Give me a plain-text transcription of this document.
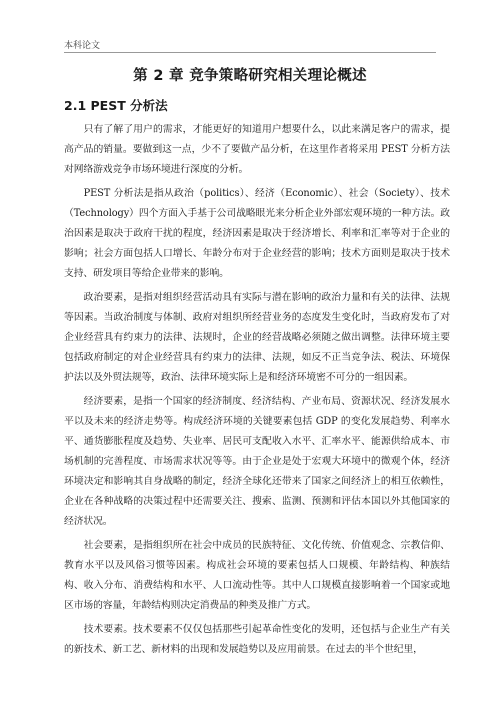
本科论文
第 2 章 竞争策略研究相关理论概述
2.1 PEST 分析法

只有了解了用户的需求，才能更好的知道用户想要什么，以此来满足客户的需求，提高产品的销量。要做到这一点，少不了要做产品分析，在这里作者将采用 PEST 分析方法对网络游戏竞争市场环境进行深度的分析。

PEST 分析法是指从政治（politics）、经济（Economic）、社会（Society）、技术（Technology）四个方面入手基于公司战略眼光来分析企业外部宏观环境的一种方法。政治因素是取决于政府干扰的程度，经济因素是取决于经济增长、利率和汇率等对于企业的影响；社会方面包括人口增长、年龄分布对于企业经营的影响；技术方面则是取决于技术支持、研发项目等给企业带来的影响。

政治要素，是指对组织经营活动具有实际与潜在影响的政治力量和有关的法律、法规等因素。当政治制度与体制、政府对组织所经营业务的态度发生变化时，当政府发布了对企业经营具有约束力的法律、法规时，企业的经营战略必须随之做出调整。法律环境主要包括政府制定的对企业经营具有约束力的法律、法规，如反不正当竞争法、税法、环境保护法以及外贸法规等，政治、法律环境实际上是和经济环境密不可分的一组因素。

经济要素，是指一个国家的经济制度、经济结构、产业布局、资源状况、经济发展水平以及未来的经济走势等。构成经济环境的关键要素包括 GDP 的变化发展趋势、利率水平、通货膨胀程度及趋势、失业率、居民可支配收入水平、汇率水平、能源供给成本、市场机制的完善程度、市场需求状况等等。由于企业是处于宏观大环境中的微观个体，经济环境决定和影响其自身战略的制定，经济全球化还带来了国家之间经济上的相互依赖性，企业在各种战略的决策过程中还需要关注、搜索、监测、预测和评估本国以外其他国家的经济状况。

社会要素，是指组织所在社会中成员的民族特征、文化传统、价值观念、宗教信仰、教育水平以及风俗习惯等因素。构成社会环境的要素包括人口规模、年龄结构、种族结构、收入分布、消费结构和水平、人口流动性等。其中人口规模直接影响着一个国家或地区市场的容量，年龄结构则决定消费品的种类及推广方式。

技术要素。技术要素不仅仅包括那些引起革命性变化的发明，还包括与企业生产有关的新技术、新工艺、新材料的出现和发展趋势以及应用前景。在过去的半个世纪里，
